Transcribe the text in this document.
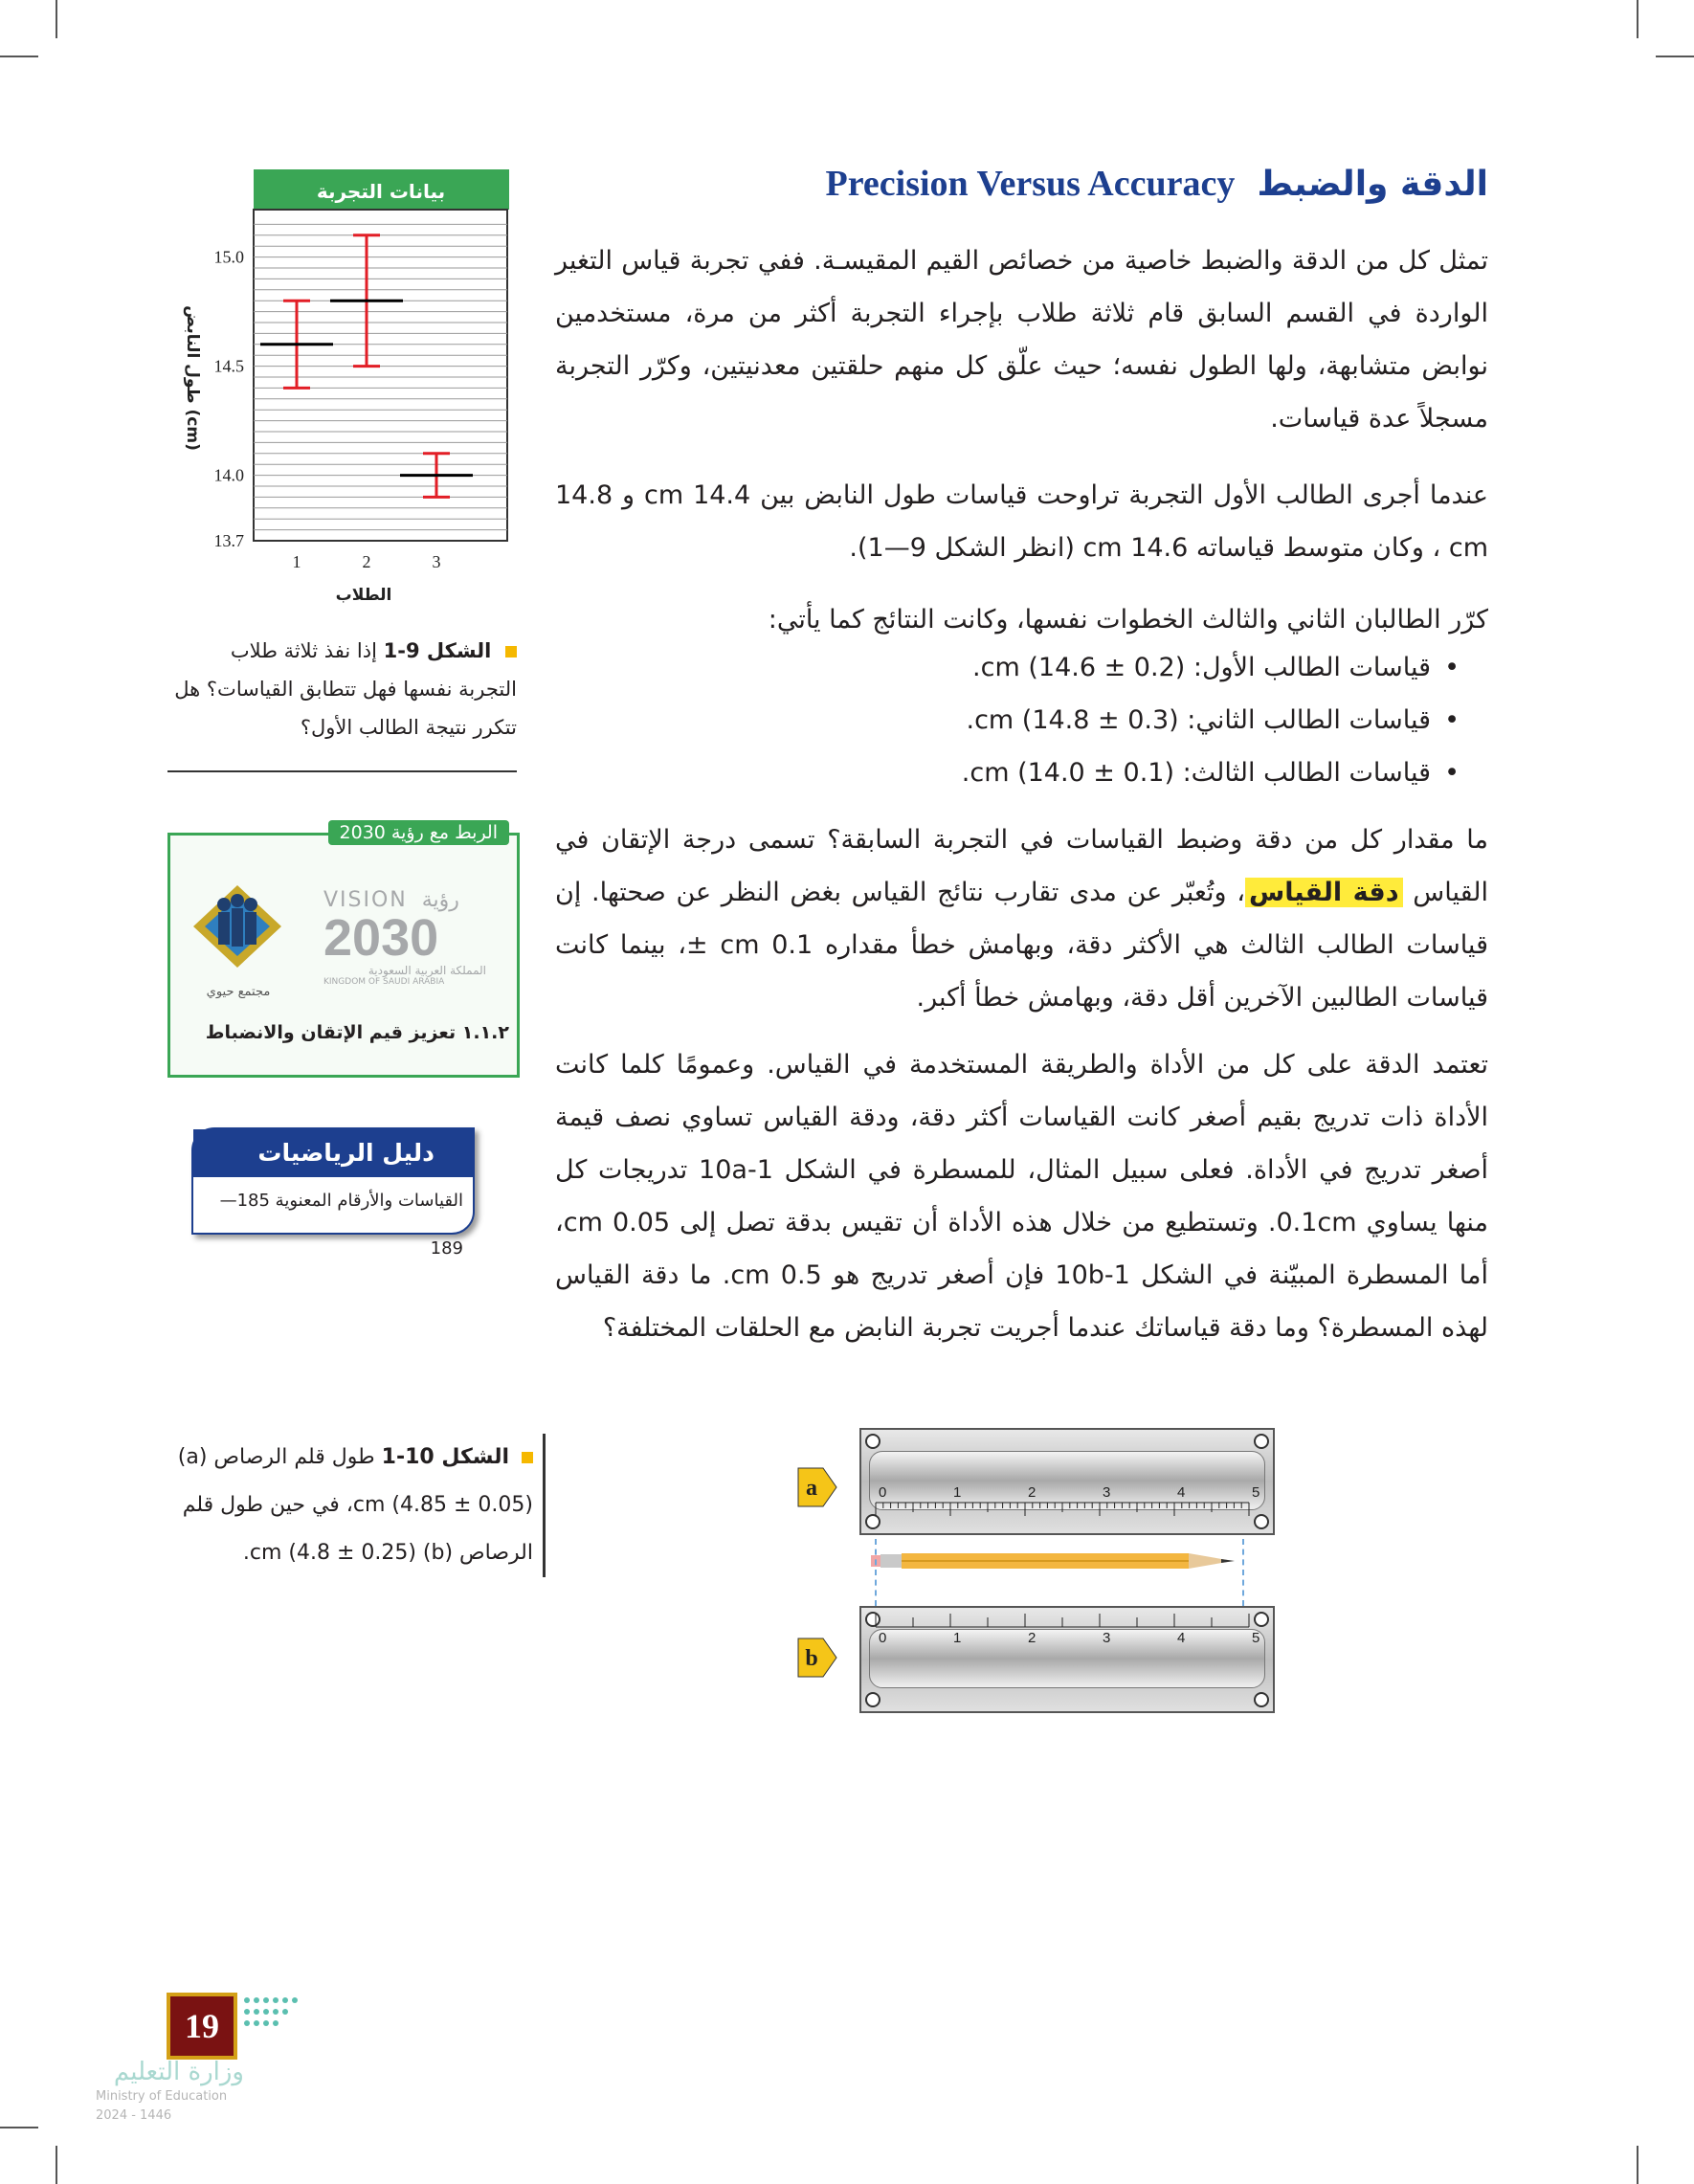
الدقة والضبط Precision Versus Accuracy
تمثل كل من الدقة والضبط خاصية من خصائص القيم المقيسـة. ففي تجربة قياس التغير الواردة في القسم السابق قام ثلاثة طلاب بإجراء التجربة أكثر من مرة، مستخدمين نوابض متشابهة، ولها الطول نفسه؛ حيث علّق كل منهم حلقتين معدنيتين، وكرّر التجربة مسجلاً عدة قياسات.
عندما أجرى الطالب الأول التجربة تراوحت قياسات طول النابض بين 14.4 cm و 14.8 cm ، وكان متوسط قياساته 14.6 cm (انظر الشكل 9—1).
كرّر الطالبان الثاني والثالث الخطوات نفسها، وكانت النتائج كما يأتي:
• قياسات الطالب الأول: cm (14.6 ± 0.2).
• قياسات الطالب الثاني: cm (14.8 ± 0.3).
• قياسات الطالب الثالث: cm (14.0 ± 0.1).
ما مقدار كل من دقة وضبط القياسات في التجربة السابقة؟ تسمى درجة الإتقان في القياس دقة القياس، وتُعبّر عن مدى تقارب نتائج القياس بغض النظر عن صحتها. إن قياسات الطالب الثالث هي الأكثر دقة، وبهامش خطأ مقداره 0.1 cm ±، بينما كانت قياسات الطالبين الآخرين أقل دقة، وبهامش خطأ أكبر.
تعتمد الدقة على كل من الأداة والطريقة المستخدمة في القياس. وعمومًا كلما كانت الأداة ذات تدريج بقيم أصغر كانت القياسات أكثر دقة، ودقة القياس تساوي نصف قيمة أصغر تدريج في الأداة. فعلى سبيل المثال، للمسطرة في الشكل 10a-1 تدريجات كل منها يساوي 0.1cm. وتستطيع من خلال هذه الأداة أن تقيس بدقة تصل إلى 0.05 cm، أما المسطرة المبيّنة في الشكل 10b-1 فإن أصغر تدريج هو 0.5 cm. ما دقة القياس لهذه المسطرة؟ وما دقة قياساتك عندما أجريت تجربة النابض مع الحلقات المختلفة؟
بيانات التجربة
15.0
14.5
14.0
13.7
1	2	3
الطلاب
طول النابض (cm)
الشكل 9-1 إذا نفذ ثلاثة طلاب التجربة نفسها فهل تتطابق القياسات؟ هل تتكرر نتيجة الطالب الأول؟
الربط مع رؤية 2030
VISION رؤية
2030
المملكة العربية السعودية
KINGDOM OF SAUDI ARABIA
مجتمع حيوي
١.١.٢ تعزيز قيم الإتقان والانضباط
دليل الرياضيات
القياسات والأرقام المعنوية 185—189
الشكل 10-1 طول قلم الرصاص (a) (4.85 ± 0.05) cm، في حين طول قلم الرصاص cm (4.8 ± 0.25) (b).
0	1	2	3	4	5
0	1	2	3	4	5
a
b
19
وزارة التعليم
Ministry of Education
2024 - 1446
